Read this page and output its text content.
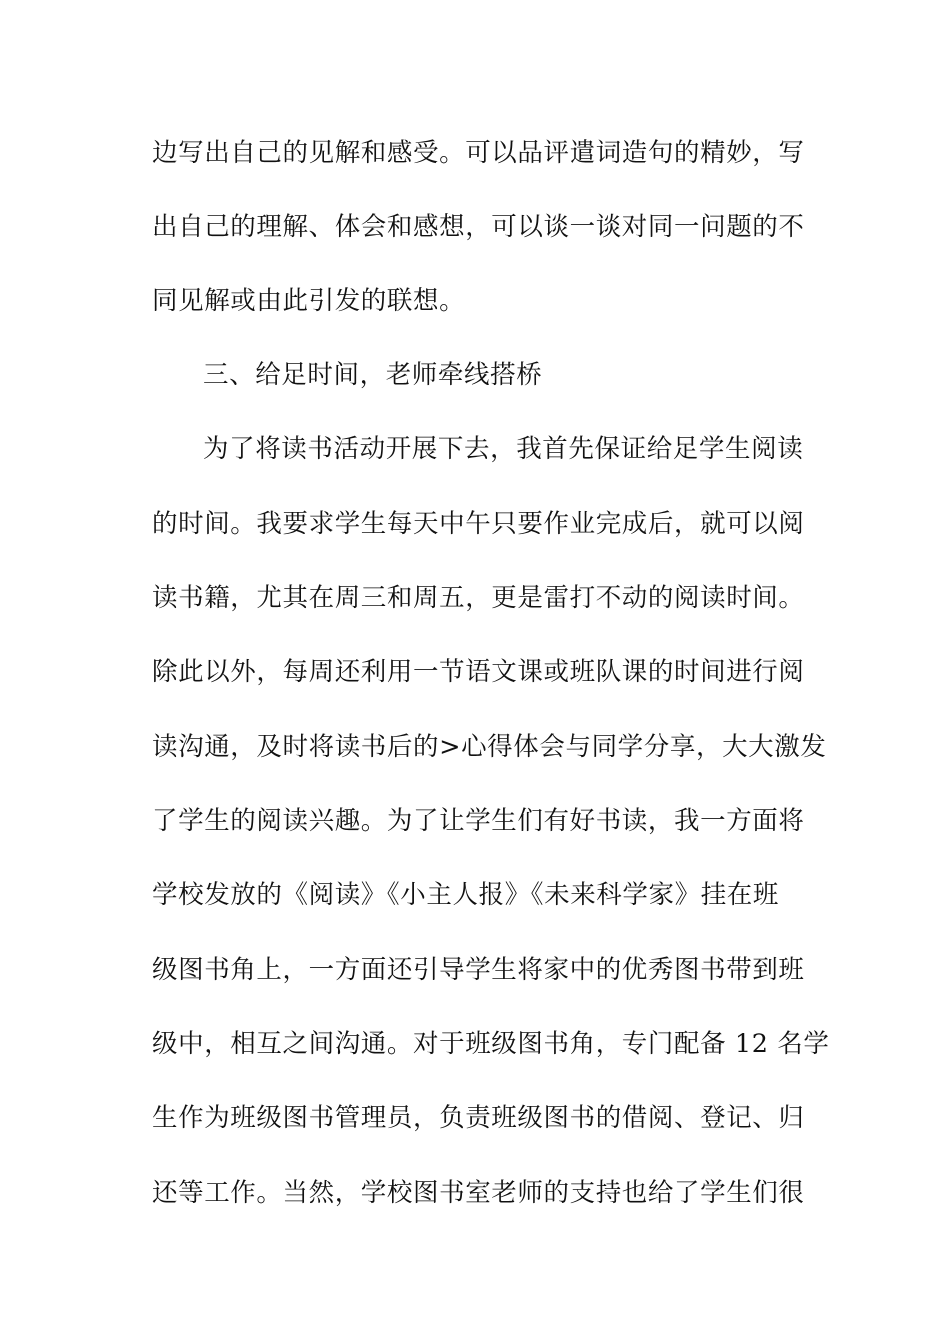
边写出自己的见解和感受。可以品评遣词造句的精妙，写
出自己的理解、体会和感想，可以谈一谈对同一问题的不
同见解或由此引发的联想。
三、给足时间，老师牵线搭桥
为了将读书活动开展下去，我首先保证给足学生阅读
的时间。我要求学生每天中午只要作业完成后，就可以阅
读书籍，尤其在周三和周五，更是雷打不动的阅读时间。
除此以外，每周还利用一节语文课或班队课的时间进行阅
读沟通，及时将读书后的>心得体会与同学分享，大大激发
了学生的阅读兴趣。为了让学生们有好书读，我一方面将
学校发放的《阅读》《小主人报》《未来科学家》挂在班
级图书角上，一方面还引导学生将家中的优秀图书带到班
级中，相互之间沟通。对于班级图书角，专门配备 12 名学
生作为班级图书管理员，负责班级图书的借阅、登记、归
还等工作。当然，学校图书室老师的支持也给了学生们很
